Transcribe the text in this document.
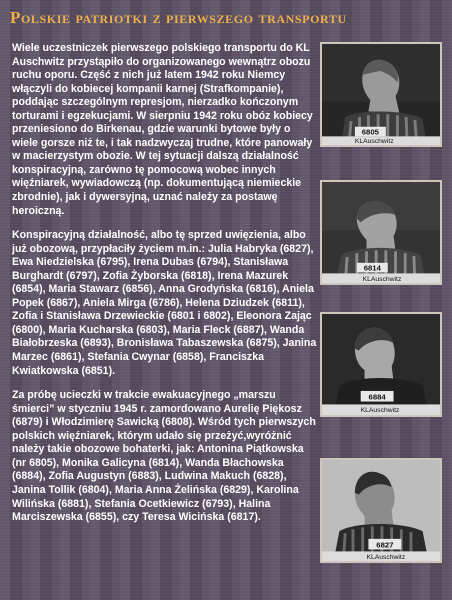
Polskie patriotki z pierwszego transportu

Wiele uczestniczek pierwszego polskiego transportu do KL Auschwitz przystąpiło do organizowanego wewnątrz obozu ruchu oporu. Część z nich już latem 1942 roku Niemcy włączyli do kobiecej kompanii karnej (Strafkompanie), poddając szczególnym represjom, nierzadko kończonym torturami i egzekucjami. W sierpniu 1942 roku obóz kobiecy przeniesiono do Birkenau, gdzie warunki bytowe były o wiele gorsze niż te, i tak nadzwyczaj trudne, które panowały w macierzystym obozie. W tej sytuacji dalszą działalność konspiracyjną, zarówno tę pomocową wobec innych więźniarek, wywiadowczą (np. dokumentującą niemieckie zbrodnie), jak i dywersyjną, uznać należy za postawę heroiczną.

Konspiracyjną działalność, albo tę sprzed uwięzienia, albo już obozową, przypłaciły życiem m.in.: Julia Habryka (6827), Ewa Niedzielska (6795), Irena Dubas (6794), Stanisława Burghardt (6797), Zofia Żyborska (6818), Irena Mazurek (6854), Maria Stawarz (6856), Anna Grodyńska (6816), Aniela Popek (6867), Aniela Mirga (6786), Helena Dziudzek (6811), Zofia i Stanisława Drzewieckie (6801 i 6802), Eleonora Zając (6800), Maria Kucharska (6803), Maria Fleck (6887), Wanda Białobrzeska (6893), Bronisława Tabaszewska (6875), Janina Marzec (6861), Stefania Cwynar (6858), Franciszka Kwiatkowska (6851).

Za próbę ucieczki w trakcie ewakuacyjnego „marszu śmierci” w styczniu 1945 r. zamordowano Aurelię Piękosz (6879) i Włodzimierę Sawicką (6808). Wśród tych pierwszych polskich więźniarek, którym udało się przeżyć,wyróżnić należy takie obozowe bohaterki, jak: Antonina Piątkowska (nr 6805), Monika Galicyna (6814), Wanda Błachowska (6884), Zofia Augustyn (6883), Ludwina Makuch (6828), Janina Tollik (6804), Maria Anna Żelińska (6829), Karolina Wilińska (6881), Stefania Ocetkiewicz (6793), Halina Marciszewska (6855), czy Teresa Wicińska (6817).

6805
KLAuschwitz
6814
KLAuschwitz
6884
KLAuschwitz
6827
KLAuschwitz
